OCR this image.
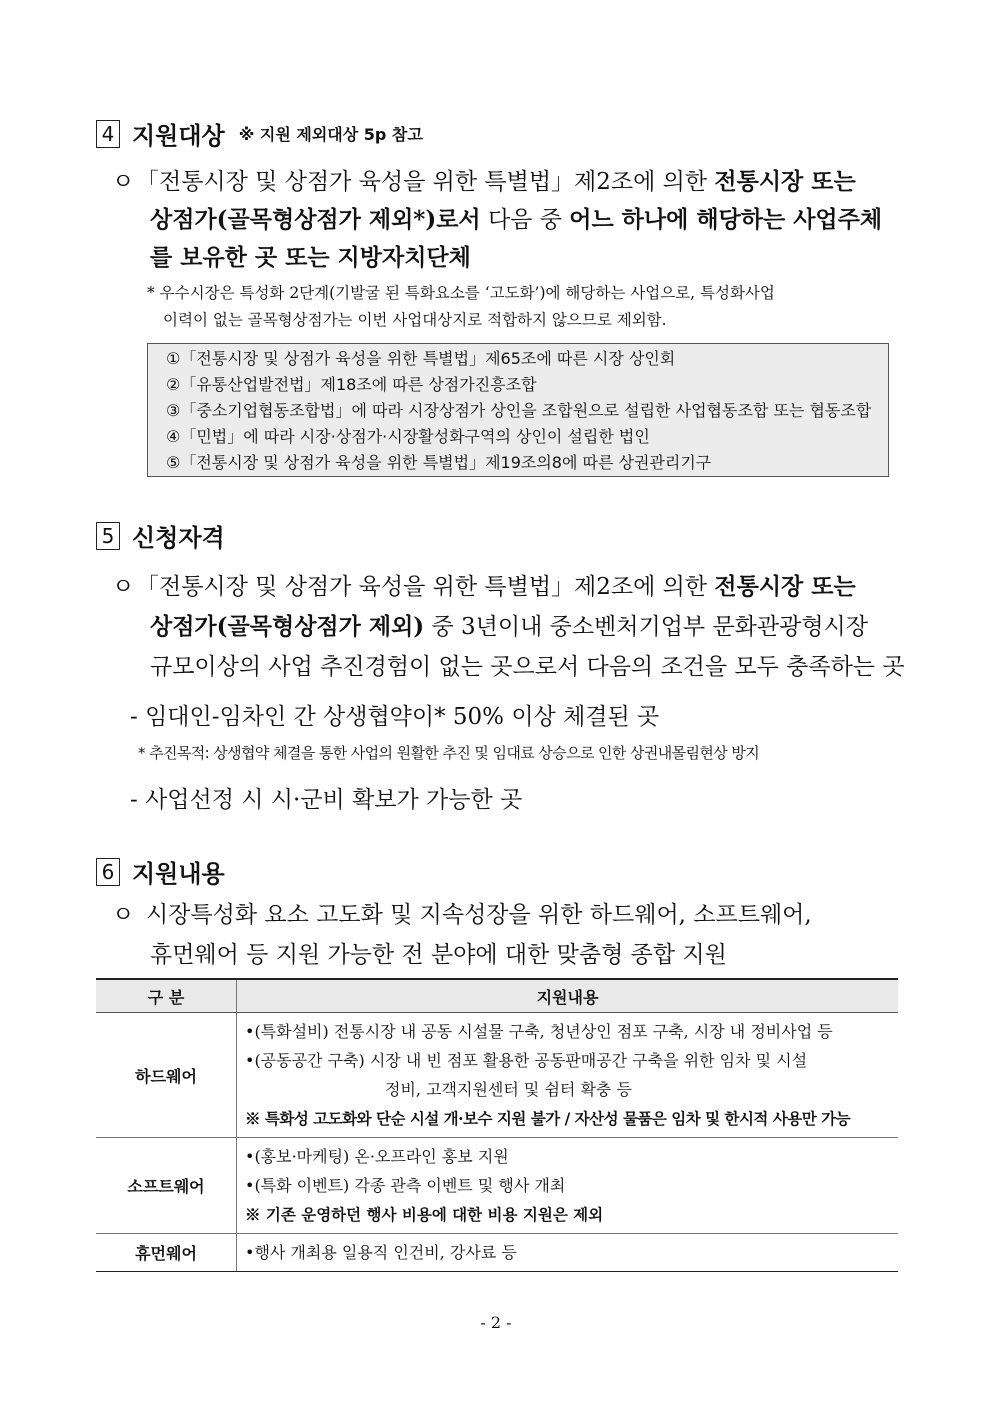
4 지원대상 ※ 지원 제외대상 5p 참고
ㅇ 「전통시장 및 상점가 육성을 위한 특별법」제2조에 의한 전통시장 또는
상점가(골목형상점가 제외*)로서 다음 중 어느 하나에 해당하는 사업주체
를 보유한 곳 또는 지방자치단체
* 우수시장은 특성화 2단계(기발굴 된 특화요소를 ‘고도화’)에 해당하는 사업으로, 특성화사업
이력이 없는 골목형상점가는 이번 사업대상지로 적합하지 않으므로 제외함.
①「전통시장 및 상점가 육성을 위한 특별법」제65조에 따른 시장 상인회
②「유통산업발전법」제18조에 따른 상점가진흥조합
③「중소기업협동조합법」에 따라 시장상점가 상인을 조합원으로 설립한 사업협동조합 또는 협동조합
④「민법」에 따라 시장·상점가·시장활성화구역의 상인이 설립한 법인
⑤「전통시장 및 상점가 육성을 위한 특별법」제19조의8에 따른 상권관리기구
5 신청자격
ㅇ 「전통시장 및 상점가 육성을 위한 특별법」제2조에 의한 전통시장 또는
상점가(골목형상점가 제외) 중 3년이내 중소벤처기업부 문화관광형시장
규모이상의 사업 추진경험이 없는 곳으로서 다음의 조건을 모두 충족하는 곳
- 임대인-임차인 간 상생협약이* 50% 이상 체결된 곳
* 추진목적: 상생협약 체결을 통한 사업의 원활한 추진 및 임대료 상승으로 인한 상권내몰림현상 방지
- 사업선정 시 시·군비 확보가 가능한 곳
6 지원내용
ㅇ 시장특성화 요소 고도화 및 지속성장을 위한 하드웨어, 소프트웨어,
휴먼웨어 등 지원 가능한 전 분야에 대한 맞춤형 종합 지원
구 분	지원내용
하드웨어	•(특화설비) 전통시장 내 공동 시설물 구축, 청년상인 점포 구축, 시장 내 정비사업 등
•(공동공간 구축) 시장 내 빈 점포 활용한 공동판매공간 구축을 위한 임차 및 시설
정비, 고객지원센터 및 쉼터 확충 등
※ 특화성 고도화와 단순 시설 개·보수 지원 불가 / 자산성 물품은 임차 및 한시적 사용만 가능

소프트웨어	•(홍보·마케팅) 온·오프라인 홍보 지원
•(특화 이벤트) 각종 관측 이벤트 및 행사 개최
※ 기존 운영하던 행사 비용에 대한 비용 지원은 제외

휴먼웨어	•행사 개최용 일용직 인건비, 강사료 등
- 2 -
